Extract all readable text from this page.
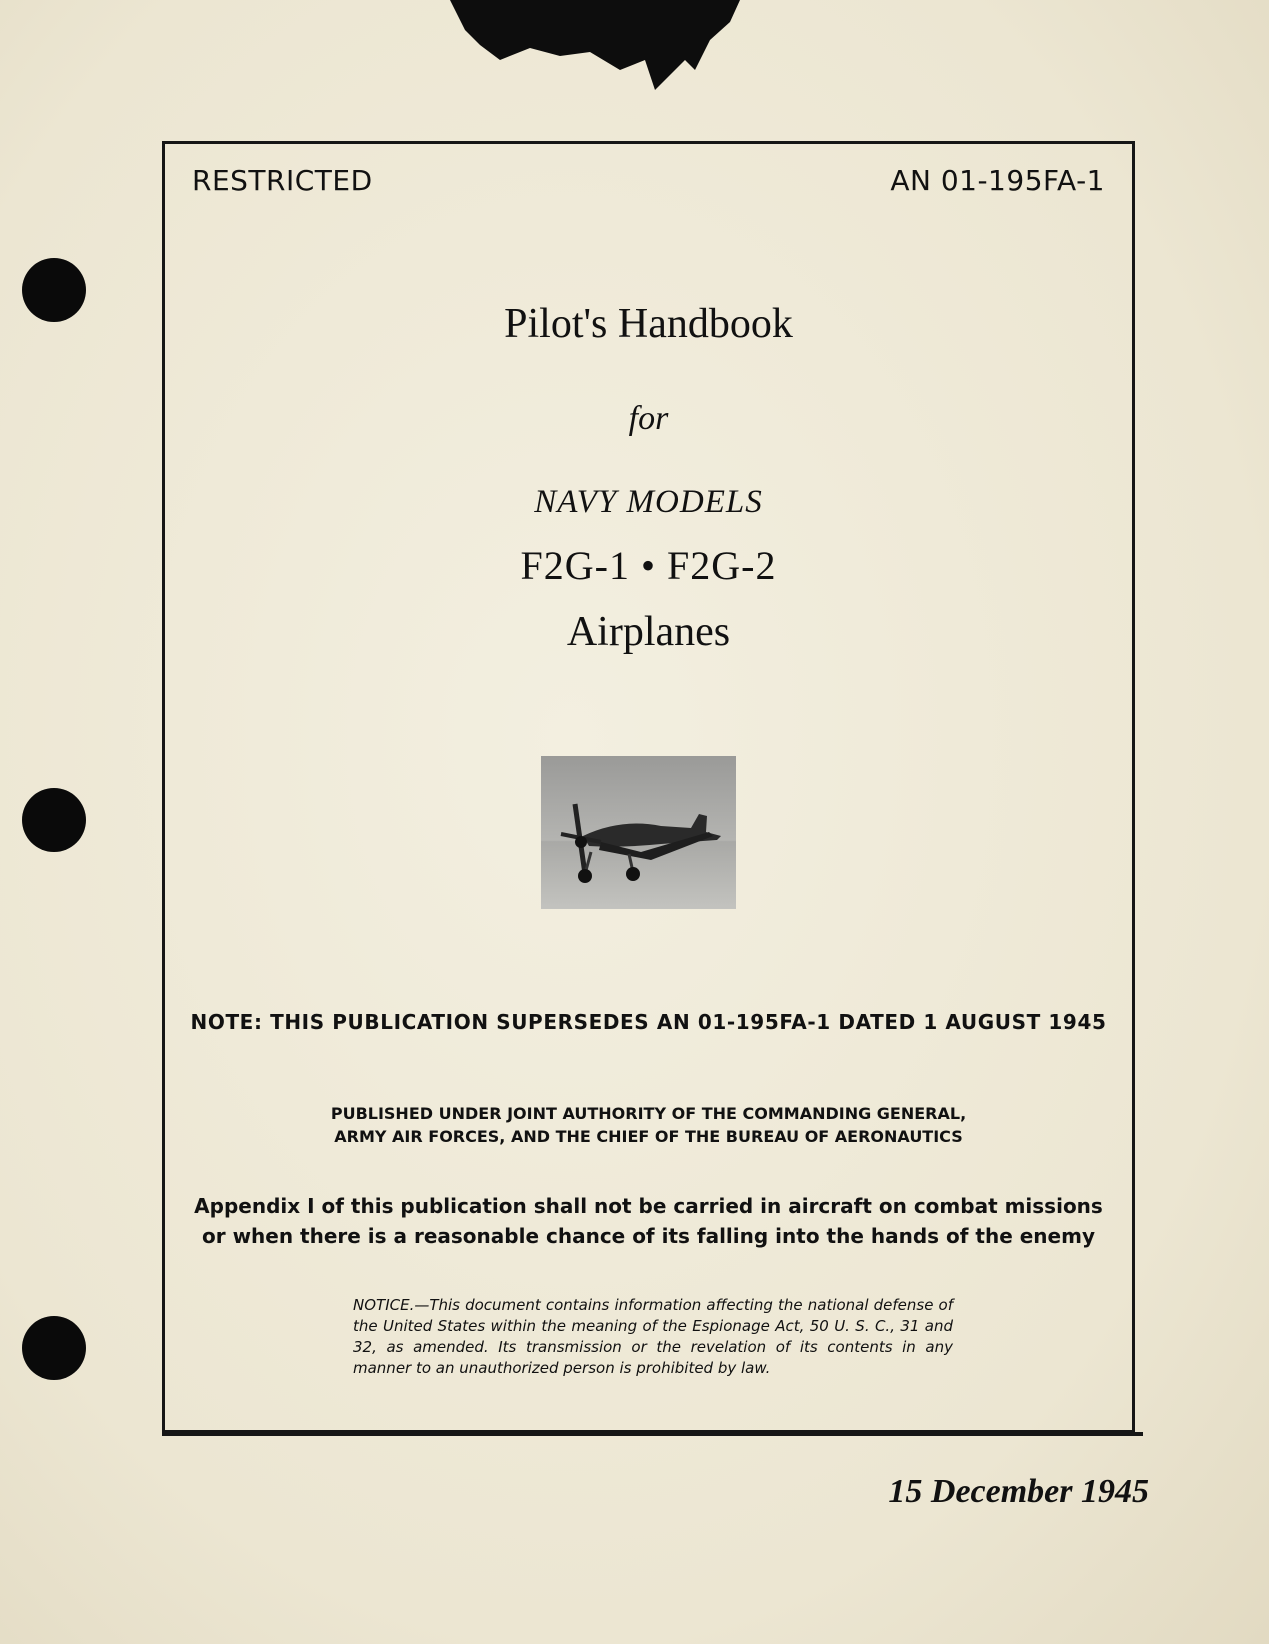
RESTRICTED	AN 01-195FA-1
Pilot's Handbook
for
NAVY MODELS
F2G-1 • F2G-2
Airplanes
NOTE: THIS PUBLICATION SUPERSEDES AN 01-195FA-1 DATED 1 AUGUST 1945
PUBLISHED UNDER JOINT AUTHORITY OF THE COMMANDING GENERAL,
ARMY AIR FORCES, AND THE CHIEF OF THE BUREAU OF AERONAUTICS
Appendix I of this publication shall not be carried in aircraft on combat missions
or when there is a reasonable chance of its falling into the hands of the enemy
NOTICE.—This document contains information affecting the national defense of the United States within the meaning of the Espionage Act, 50 U. S. C., 31 and 32, as amended. Its transmission or the revelation of its contents in any manner to an unauthorized person is prohibited by law.
15 December 1945
